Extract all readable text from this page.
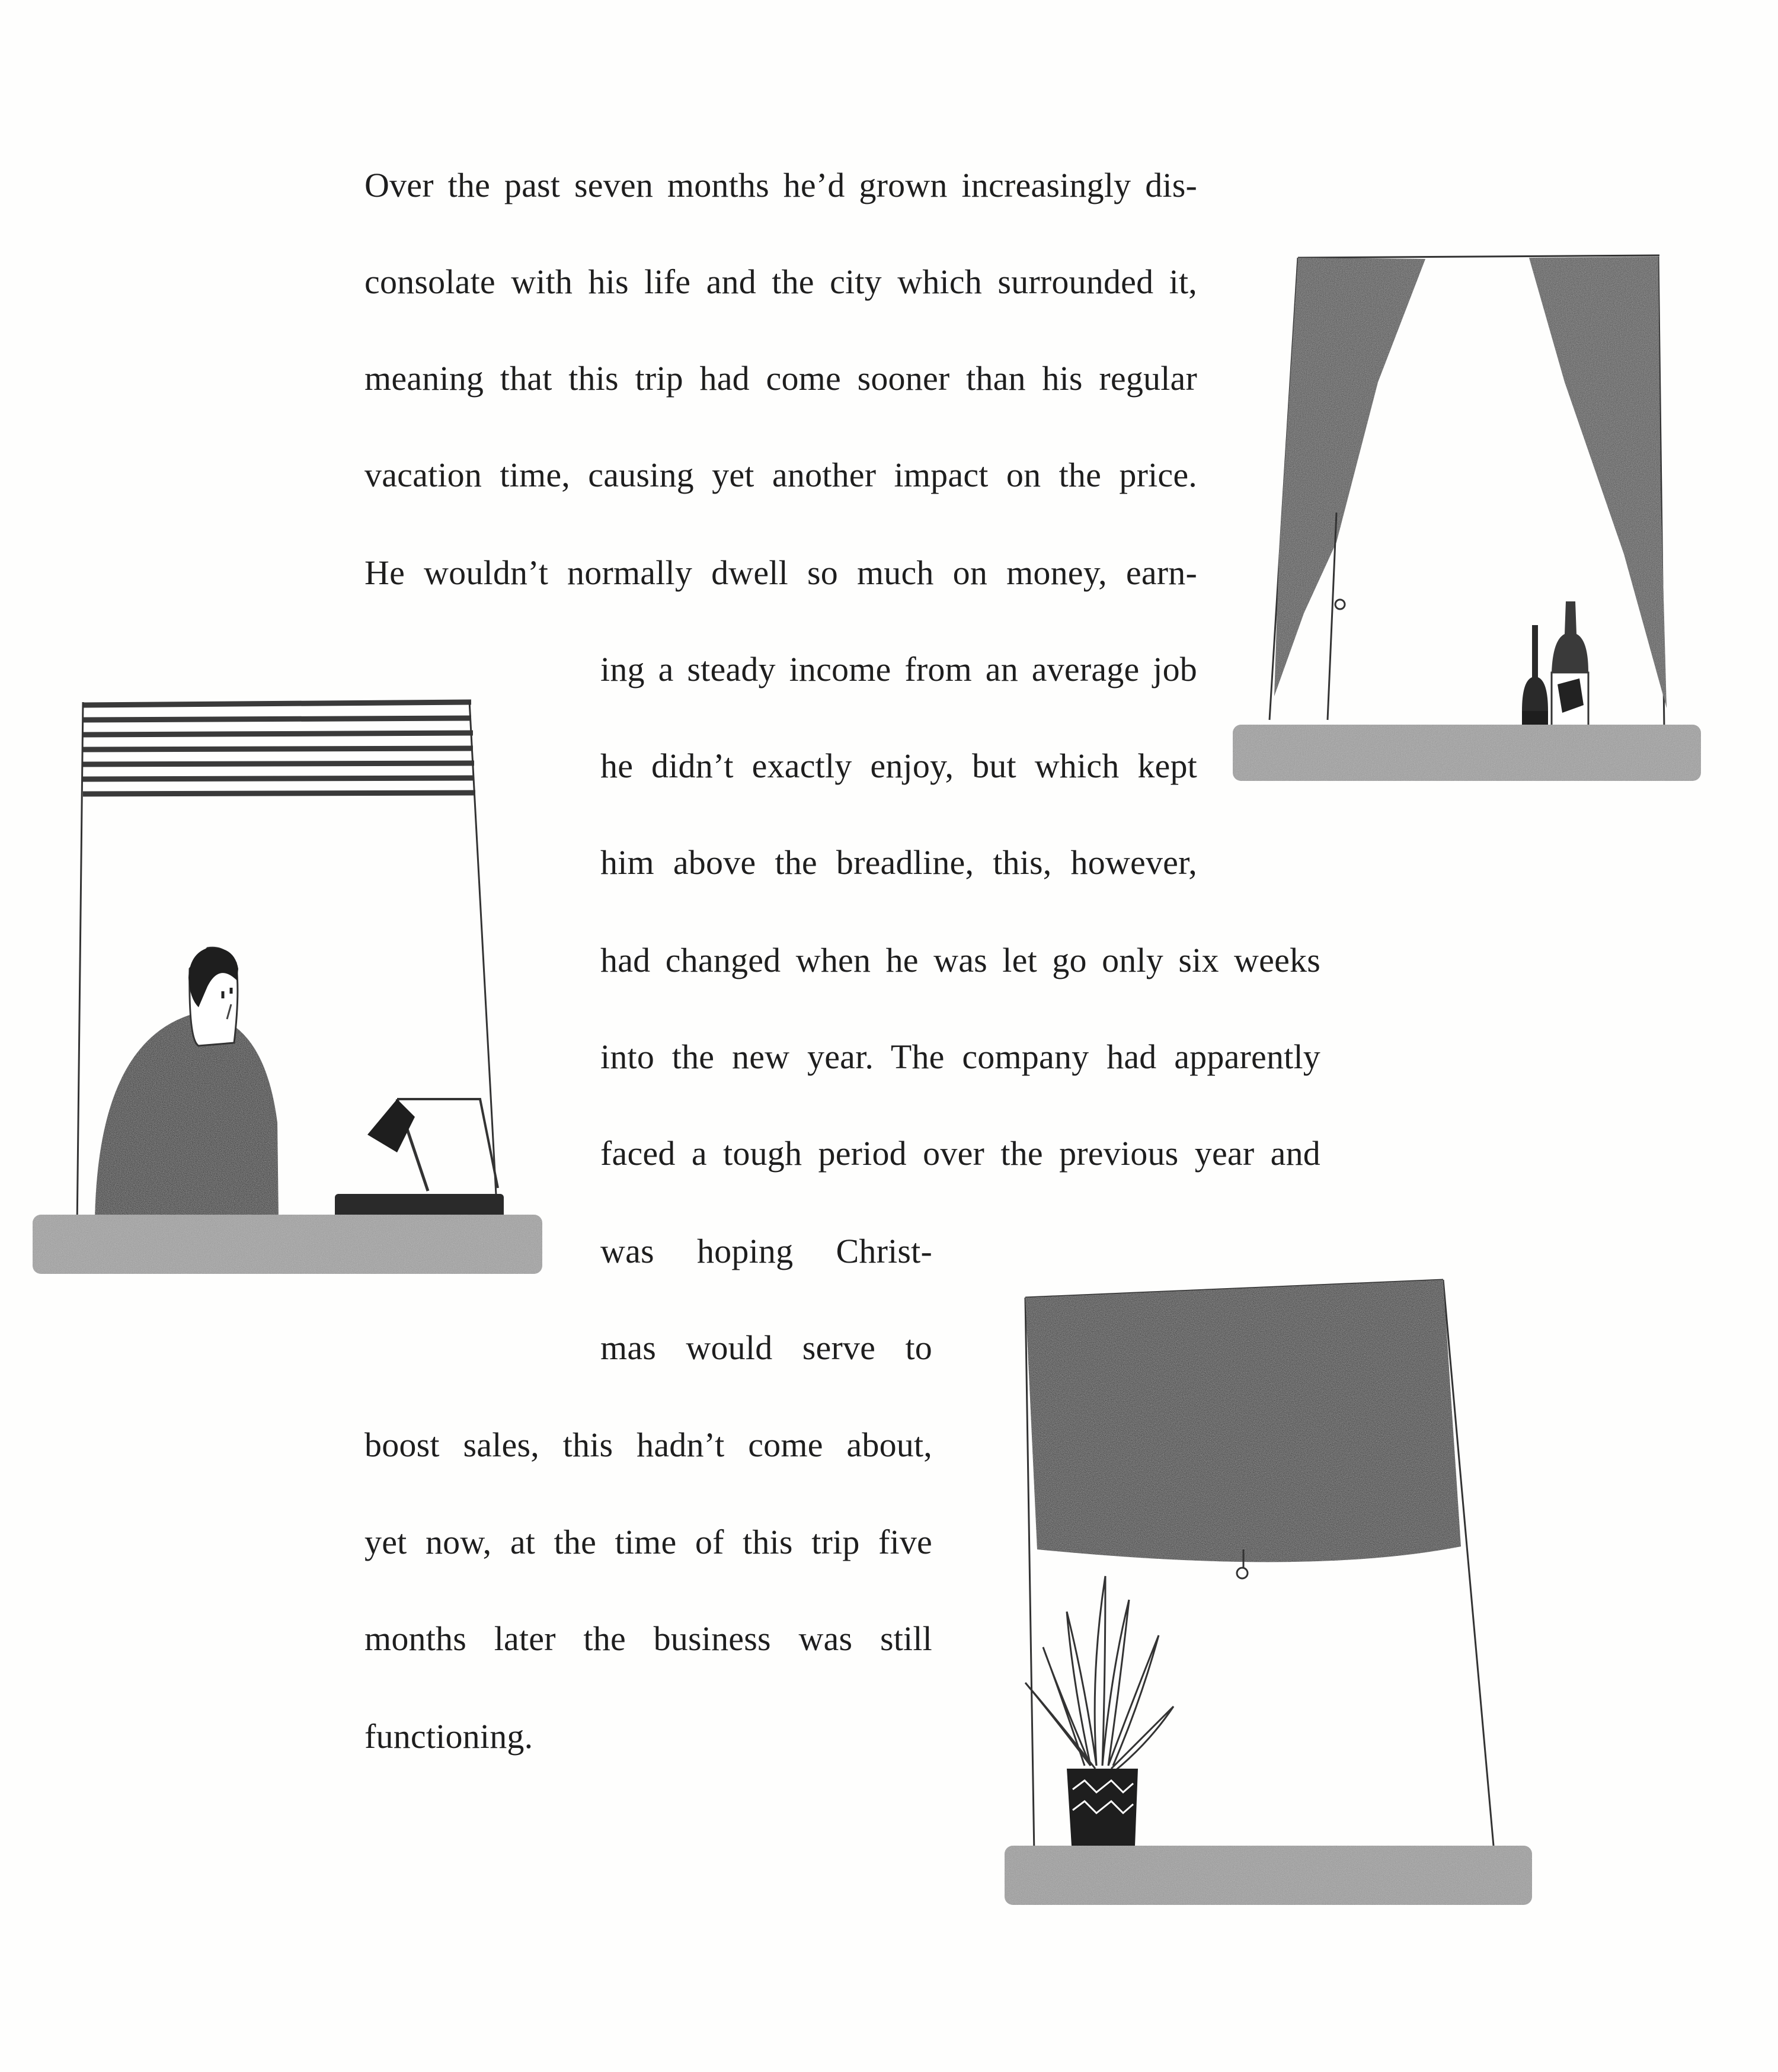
Over the past seven months he’d grown increasingly dis-
consolate with his life and the city which surrounded it,
meaning that this trip had come sooner than his regular
vacation time, causing yet another impact on the price.
He wouldn’t normally dwell so much on money, earn-
ing a steady income from an average job
he didn’t exactly enjoy, but which kept
him above the breadline, this, however,
had changed when he was let go only six weeks
into the new year. The company had apparently
faced a tough period over the previous year and
was hoping Christ-
mas would serve to
boost sales, this hadn’t come about,
yet now, at the time of this trip five
months later the business was still
functioning.
